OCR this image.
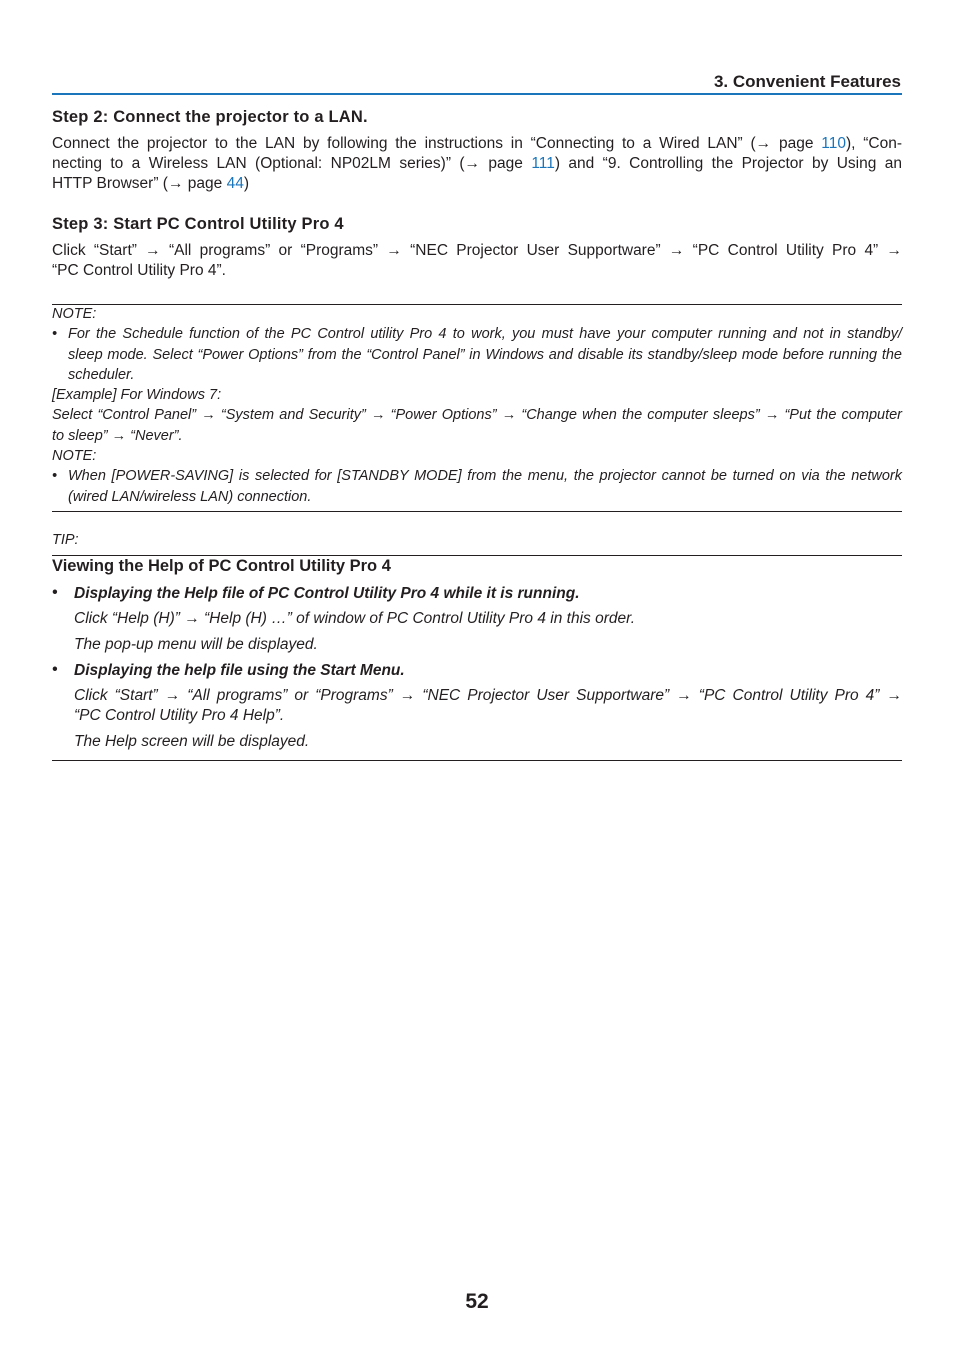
3. Convenient Features
Step 2: Connect the projector to a LAN.
Connect the projector to the LAN by following the instructions in “Connecting to a Wired LAN” (→ page 110), “Con-
necting to a Wireless LAN (Optional: NP02LM series)” (→ page 111) and “9. Controlling the Projector by Using an
HTTP Browser” (→ page 44)
Step 3: Start PC Control Utility Pro 4
Click “Start” → “All programs” or “Programs” → “NEC Projector User Supportware” → “PC Control Utility Pro 4” →
“PC Control Utility Pro 4”.
NOTE:
• For the Schedule function of the PC Control utility Pro 4 to work, you must have your computer running and not in standby/
sleep mode. Select “Power Options” from the “Control Panel” in Windows and disable its standby/sleep mode before running the
scheduler.
[Example] For Windows 7:
Select “Control Panel” → “System and Security” → “Power Options” → “Change when the computer sleeps” → “Put the computer
to sleep” → “Never”.
NOTE:
• When [POWER-SAVING] is selected for [STANDBY MODE] from the menu, the projector cannot be turned on via the network
(wired LAN/wireless LAN) connection.
TIP:
Viewing the Help of PC Control Utility Pro 4
• Displaying the Help file of PC Control Utility Pro 4 while it is running.
Click “Help (H)” → “Help (H) …” of window of PC Control Utility Pro 4 in this order.
The pop-up menu will be displayed.
• Displaying the help file using the Start Menu.
Click “Start” → “All programs” or “Programs” → “NEC Projector User Supportware” → “PC Control Utility Pro 4” →
“PC Control Utility Pro 4 Help”.
The Help screen will be displayed.
52
